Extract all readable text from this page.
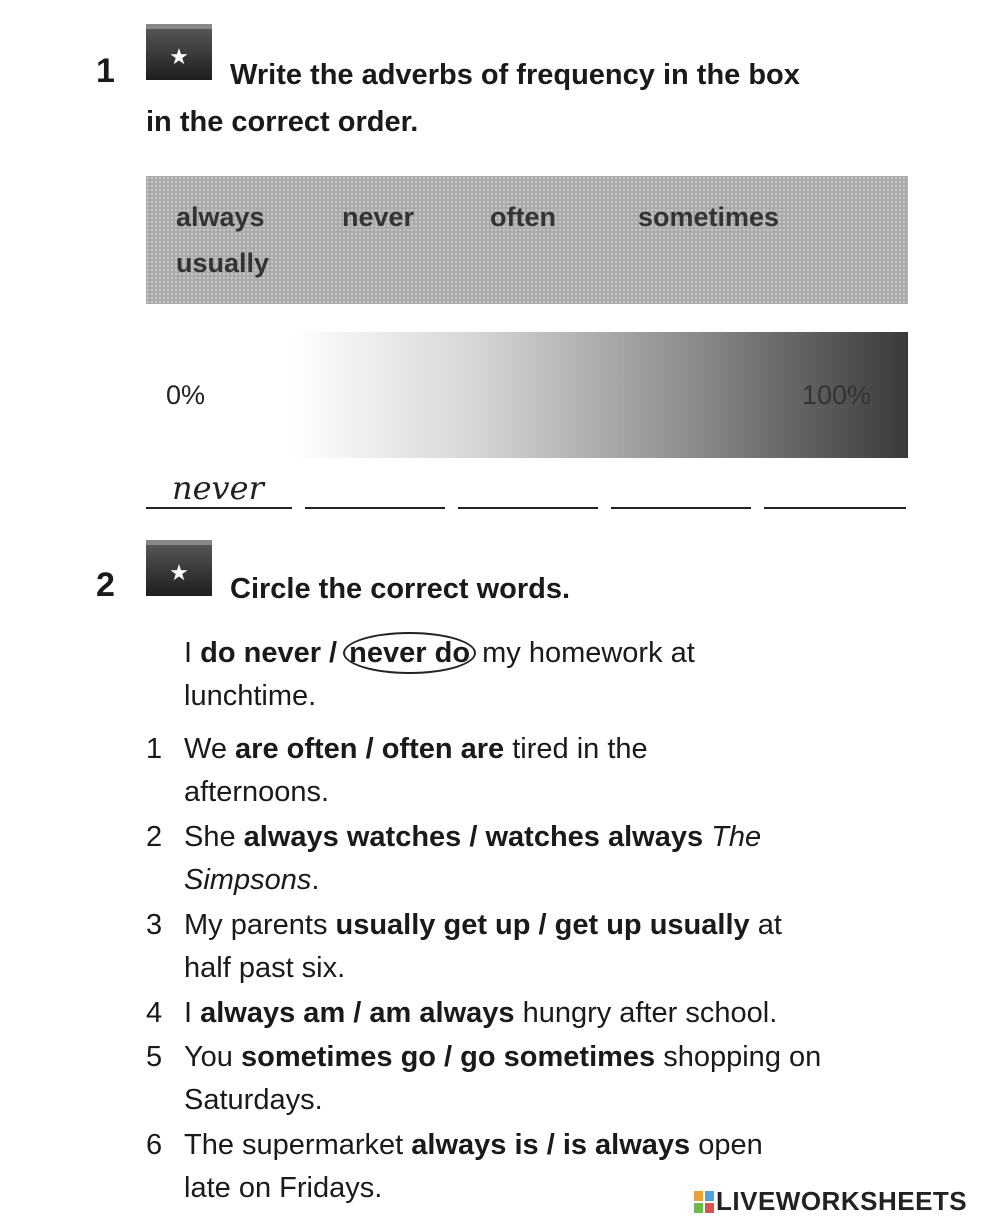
1	★
Write the adverbs of frequency in the box
in the correct order.
always	never	often	sometimes
usually
0%	100%
never
2	★
Circle the correct words.
I do never / never do my homework at
lunchtime.
1 We are often / often are tired in the
afternoons.
2 She always watches / watches always The
Simpsons.
3 My parents usually get up / get up usually at
half past six.
4 I always am / am always hungry after school.
5 You sometimes go / go sometimes shopping on
Saturdays.
6 The supermarket always is / is always open
late on Fridays.	LIVEWORKSHEETS
